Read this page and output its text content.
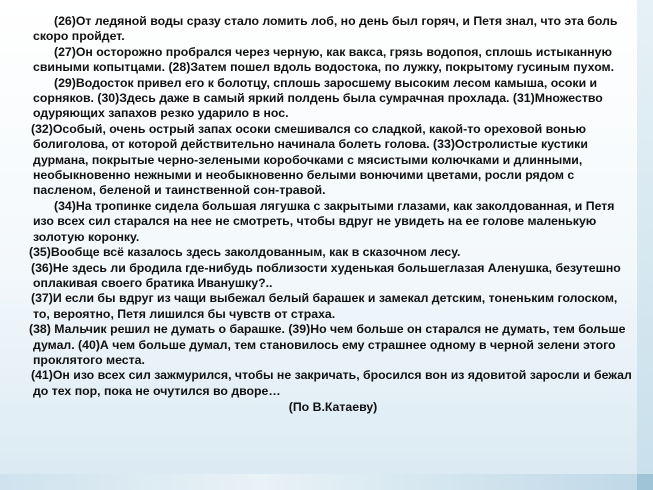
(26)От ледяной воды сразу стало ломить лоб, но день был горяч, и Петя знал, что эта боль скоро пройдет.

(27)Он осторожно пробрался через черную, как вакса, грязь водопоя, сплошь истыканную свиными копытцами. (28)Затем пошел вдоль водостока, по лужку, покрытому гусиным пухом.

(29)Водосток привел его к болотцу, сплошь заросшему высоким лесом камыша, осоки и сорняков. (30)Здесь даже в самый яркий полдень была сумрачная прохлада. (31)Множество одуряющих запахов резко ударило в нос.

(32)Особый, очень острый запах осоки смешивался со сладкой, какой-то ореховой вонью болиголова, от которой действительно начинала болеть голова. (33)Остролистые кустики дурмана, покрытые черно-зелеными коробочками с мясистыми колючками и длинными, необыкновенно нежными и необыкновенно белыми вонючими цветами, росли рядом с пасленом, беленой и таинственной сон-травой.

(34)На тропинке сидела большая лягушка с закрытыми глазами, как заколдованная, и Петя изо всех сил старался на нее не смотреть, чтобы вдруг не увидеть на ее голове маленькую золотую коронку.

(35)Вообще всё казалось здесь заколдованным, как в сказочном лесу.

(36)Не здесь ли бродила где-нибудь поблизости худенькая большеглазая Аленушка, безутешно оплакивая своего братика Иванушку?..

(37)И если бы вдруг из чащи выбежал белый барашек и замекал детским, тоненьким голоском, то, вероятно, Петя лишился бы чувств от страха.

(38) Мальчик решил не думать о барашке. (39)Но чем больше он старался не думать, тем больше думал. (40)А чем больше думал, тем становилось ему страшнее одному в черной зелени этого проклятого места.

(41)Он изо всех сил зажмурился, чтобы не закричать, бросился вон из ядовитой заросли и бежал до тех пор, пока не очутился во дворе…

(По В.Катаеву)
